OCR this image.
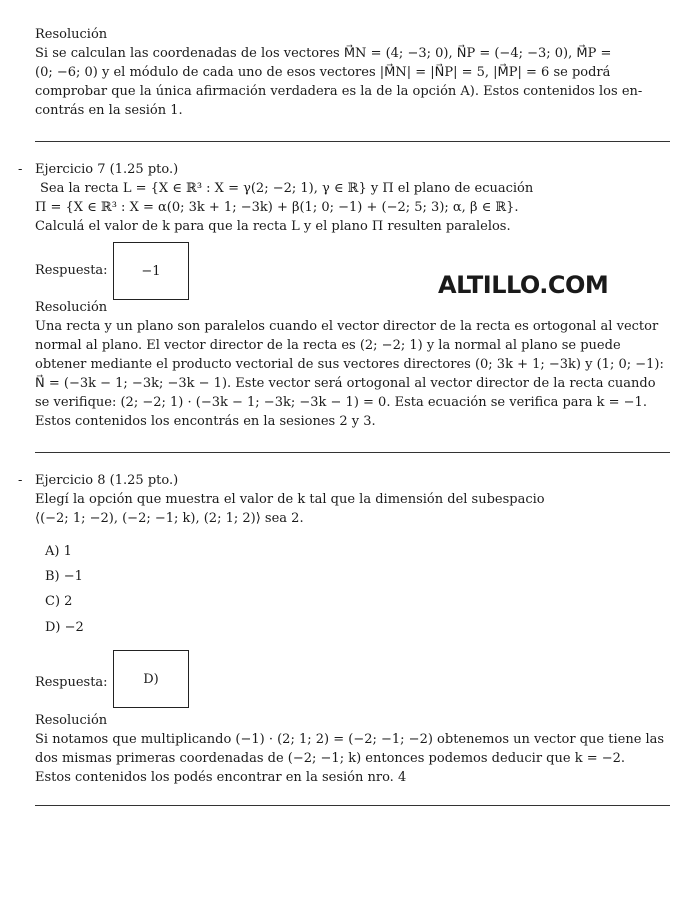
Resolución
Si se calculan las coordenadas de los vectores M⃗N = (4; −3; 0), N⃗P = (−4; −3; 0), M⃗P =
(0; −6; 0) y el módulo de cada uno de esos vectores |M⃗N| = |N⃗P| = 5, |M⃗P| = 6 se podrá
comprobar que la única afirmación verdadera es la de la opción A). Estos contenidos los en-
contrás en la sesión 1.
- Ejercicio 7 (1.25 pto.)
Sea la recta L = {X ∈ ℝ³ : X = γ(2; −2; 1), γ ∈ ℝ} y Π el plano de ecuación
Π = {X ∈ ℝ³ : X = α(0; 3k + 1; −3k) + β(1; 0; −1) + (−2; 5; 3); α, β ∈ ℝ}.
Calculá el valor de k para que la recta L y el plano Π resulten paralelos.
Respuesta:	−1	ALTILLO.COM
Resolución
Una recta y un plano son paralelos cuando el vector director de la recta es ortogonal al vector
normal al plano. El vector director de la recta es (2; −2; 1) y la normal al plano se puede
obtener mediante el producto vectorial de sus vectores directores (0; 3k + 1; −3k) y (1; 0; −1):
N⃗ = (−3k − 1; −3k; −3k − 1). Este vector será ortogonal al vector director de la recta cuando
se verifique: (2; −2; 1) · (−3k − 1; −3k; −3k − 1) = 0. Esta ecuación se verifica para k = −1.
Estos contenidos los encontrás en la sesiones 2 y 3.
- Ejercicio 8 (1.25 pto.)
Elegí la opción que muestra el valor de k tal que la dimensión del subespacio
⟨(−2; 1; −2), (−2; −1; k), (2; 1; 2)⟩ sea 2.
A) 1
B) −1
C) 2
D) −2
Respuesta:	D)
Resolución
Si notamos que multiplicando (−1) · (2; 1; 2) = (−2; −1; −2) obtenemos un vector que tiene las
dos mismas primeras coordenadas de (−2; −1; k) entonces podemos deducir que k = −2.
Estos contenidos los podés encontrar en la sesión nro. 4
